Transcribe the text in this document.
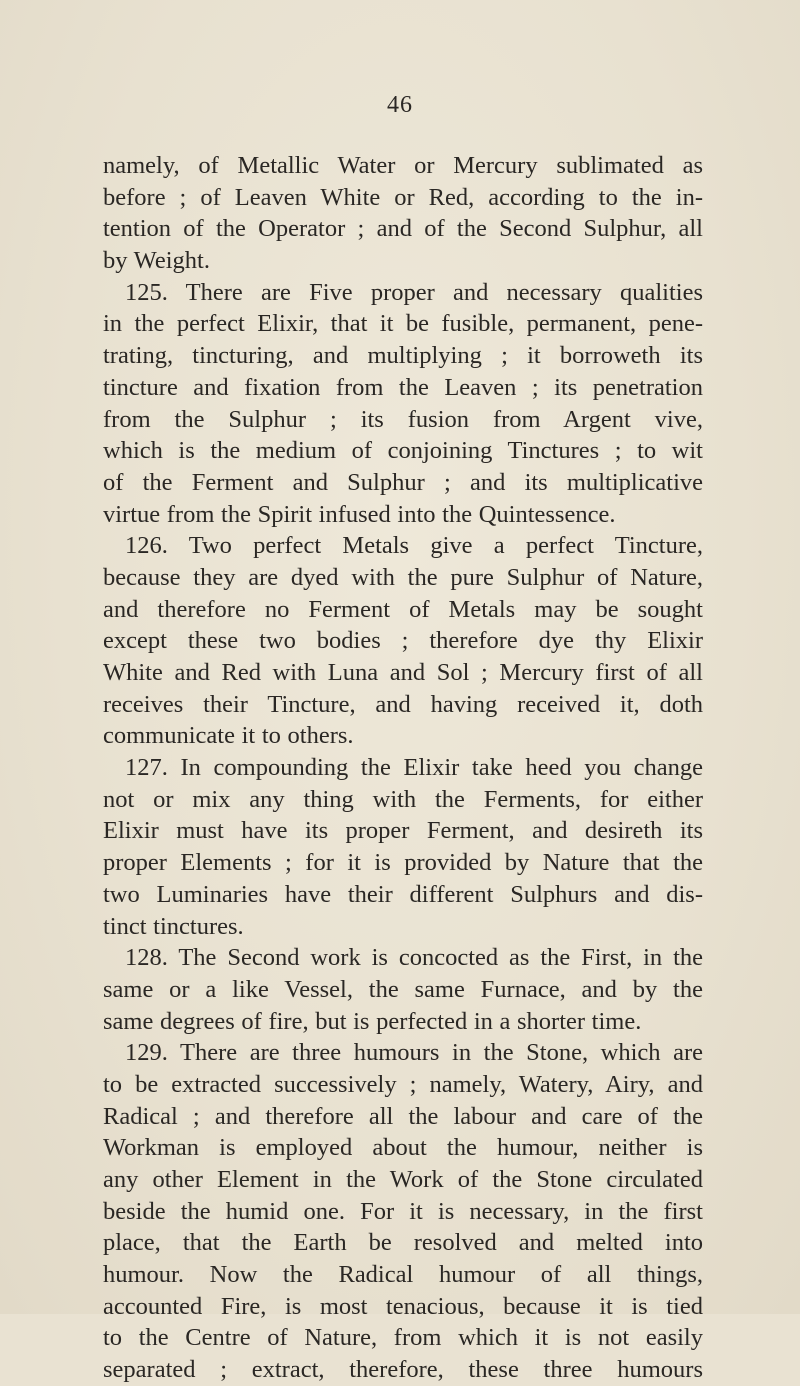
46
namely, of Metallic Water or Mercury sublimated as
before ; of Leaven White or Red, according to the in-
tention of the Operator ; and of the Second Sulphur, all
by Weight.
125. There are Five proper and necessary qualities
in the perfect Elixir, that it be fusible, permanent, pene-
trating, tincturing, and multiplying ; it borroweth its
tincture and fixation from the Leaven ; its penetration
from the Sulphur ; its fusion from Argent vive,
which is the medium of conjoining Tinctures ; to wit
of the Ferment and Sulphur ; and its multiplicative
virtue from the Spirit infused into the Quintessence.
126. Two perfect Metals give a perfect Tincture,
because they are dyed with the pure Sulphur of Nature,
and therefore no Ferment of Metals may be sought
except these two bodies ; therefore dye thy Elixir
White and Red with Luna and Sol ; Mercury first of all
receives their Tincture, and having received it, doth
communicate it to others.
127. In compounding the Elixir take heed you change
not or mix any thing with the Ferments, for either
Elixir must have its proper Ferment, and desireth its
proper Elements ; for it is provided by Nature that the
two Luminaries have their different Sulphurs and dis-
tinct tinctures.
128. The Second work is concocted as the First, in the
same or a like Vessel, the same Furnace, and by the
same degrees of fire, but is perfected in a shorter time.
129. There are three humours in the Stone, which are
to be extracted successively ; namely, Watery, Airy, and
Radical ; and therefore all the labour and care of the
Workman is employed about the humour, neither is
any other Element in the Work of the Stone circulated
beside the humid one. For it is necessary, in the first
place, that the Earth be resolved and melted into
humour. Now the Radical humour of all things,
accounted Fire, is most tenacious, because it is tied
to the Centre of Nature, from which it is not easily
separated ; extract, therefore, these three humours
